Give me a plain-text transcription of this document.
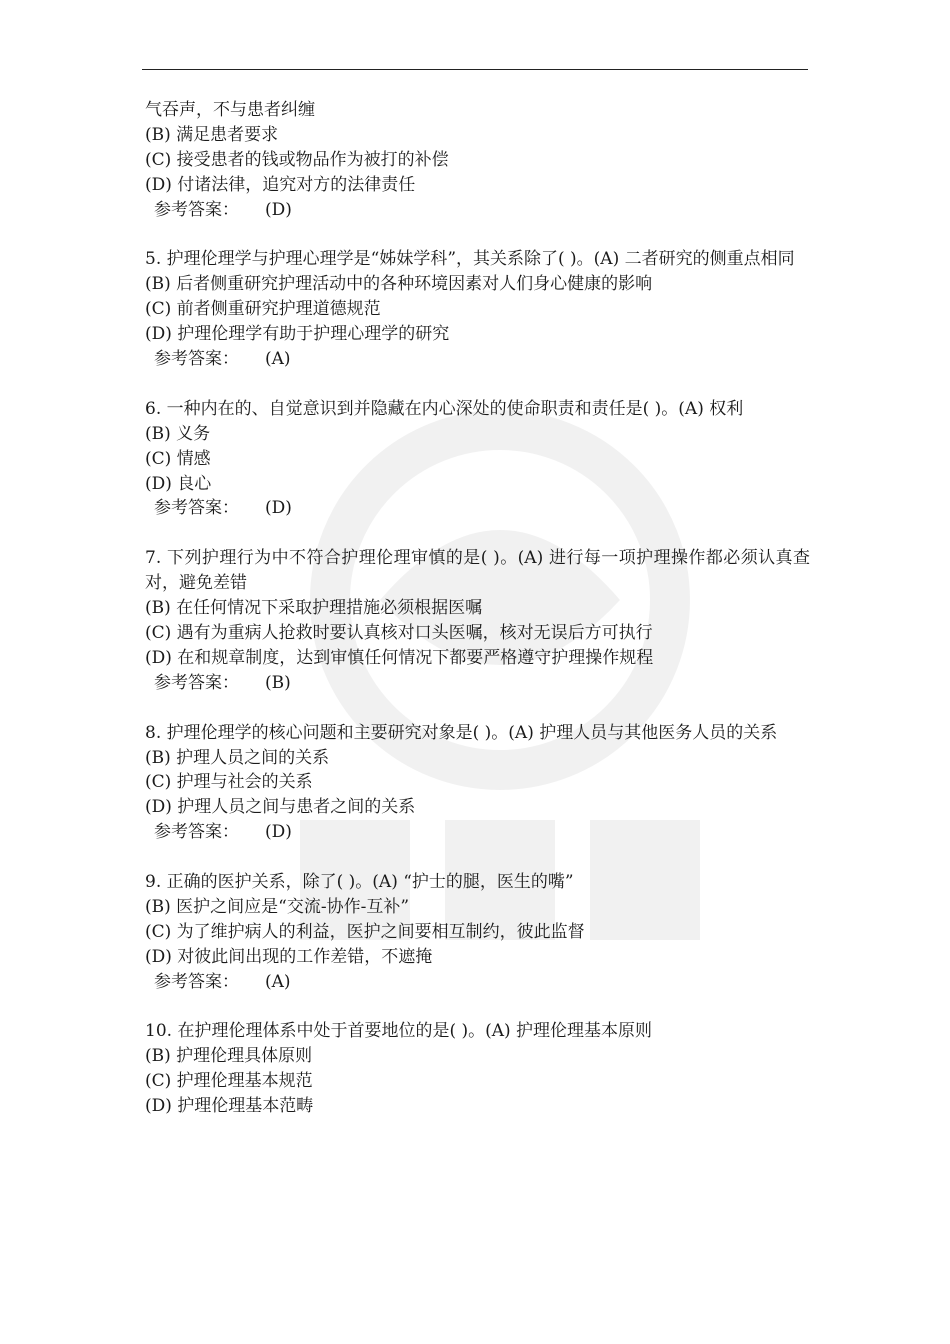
气吞声，不与患者纠缠
(B) 满足患者要求
(C) 接受患者的钱或物品作为被打的补偿
(D) 付诸法律，追究对方的法律责任
参考答案： (D)
5. 护理伦理学与护理心理学是“姊妹学科”，其关系除了( )。(A) 二者研究的侧重点相同
(B) 后者侧重研究护理活动中的各种环境因素对人们身心健康的影响
(C) 前者侧重研究护理道德规范
(D) 护理伦理学有助于护理心理学的研究
参考答案： (A)
6. 一种内在的、自觉意识到并隐藏在内心深处的使命职责和责任是( )。(A) 权利
(B) 义务
(C) 情感
(D) 良心
参考答案： (D)
7. 下列护理行为中不符合护理伦理审慎的是( )。(A) 进行每一项护理操作都必须认真查对，避免差错
(B) 在任何情况下采取护理措施必须根据医嘱
(C) 遇有为重病人抢救时要认真核对口头医嘱，核对无误后方可执行
(D) 在和规章制度，达到审慎任何情况下都要严格遵守护理操作规程
参考答案： (B)
8. 护理伦理学的核心问题和主要研究对象是( )。(A) 护理人员与其他医务人员的关系
(B) 护理人员之间的关系
(C) 护理与社会的关系
(D) 护理人员之间与患者之间的关系
参考答案： (D)
9. 正确的医护关系，除了( )。(A) “护士的腿，医生的嘴”
(B) 医护之间应是“交流-协作-互补”
(C) 为了维护病人的利益，医护之间要相互制约，彼此监督
(D) 对彼此间出现的工作差错，不遮掩
参考答案： (A)
10. 在护理伦理体系中处于首要地位的是( )。(A) 护理伦理基本原则
(B) 护理伦理具体原则
(C) 护理伦理基本规范
(D) 护理伦理基本范畴
